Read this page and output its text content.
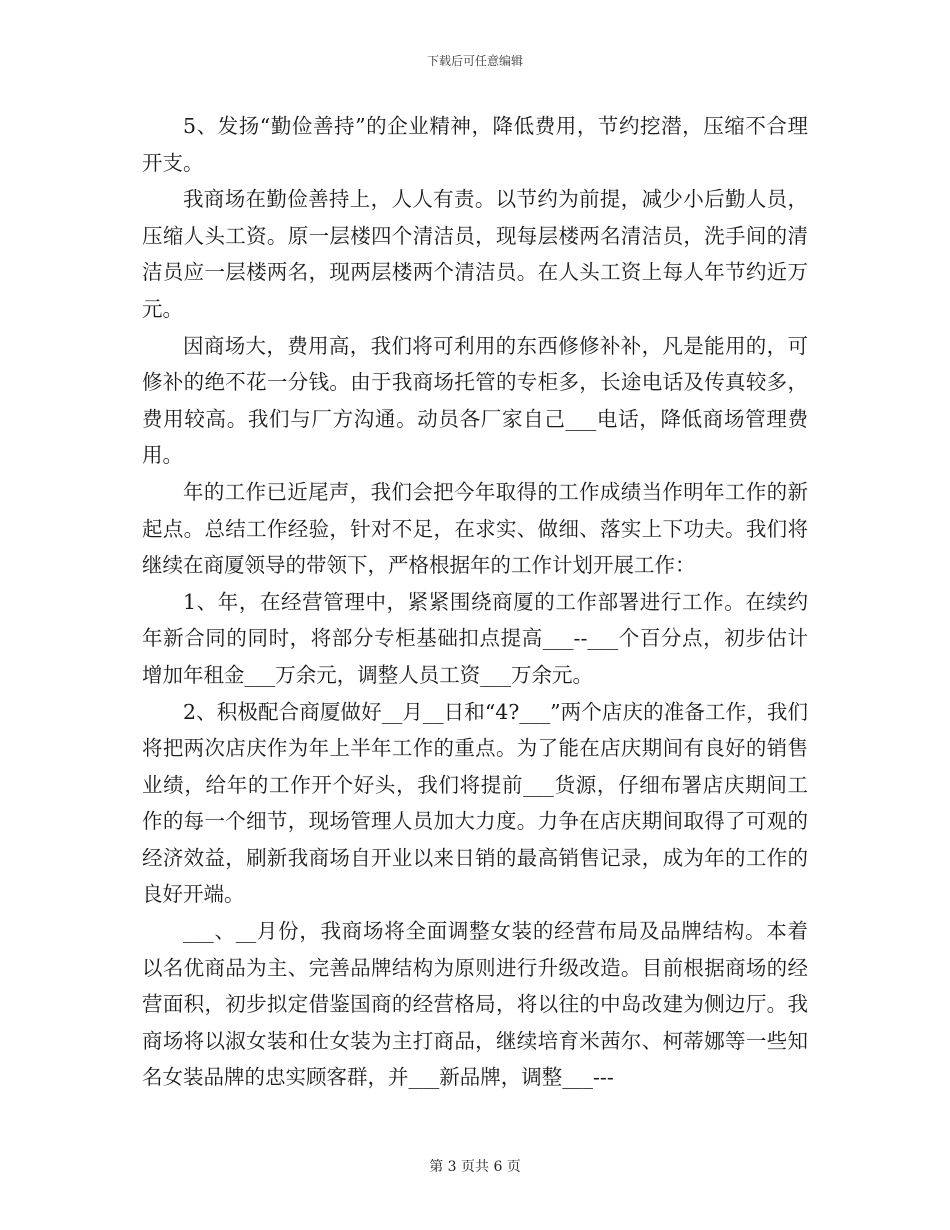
下载后可任意编辑

5、发扬“勤俭善持”的企业精神，降低费用，节约挖潜，压缩不合理开支。

我商场在勤俭善持上，人人有责。以节约为前提，减少小后勤人员，压缩人头工资。原一层楼四个清洁员，现每层楼两名清洁员，洗手间的清洁员应一层楼两名，现两层楼两个清洁员。在人头工资上每人年节约近万元。

因商场大，费用高，我们将可利用的东西修修补补，凡是能用的，可修补的绝不花一分钱。由于我商场托管的专柜多，长途电话及传真较多，费用较高。我们与厂方沟通。动员各厂家自己___电话，降低商场管理费用。

年的工作已近尾声，我们会把今年取得的工作成绩当作明年工作的新起点。总结工作经验，针对不足，在求实、做细、落实上下功夫。我们将继续在商厦领导的带领下，严格根据年的工作计划开展工作：

1、年，在经营管理中，紧紧围绕商厦的工作部署进行工作。在续约年新合同的同时，将部分专柜基础扣点提高___--___个百分点，初步估计增加年租金___万余元，调整人员工资___万余元。

2、积极配合商厦做好__月__日和“4?___”两个店庆的准备工作，我们将把两次店庆作为年上半年工作的重点。为了能在店庆期间有良好的销售业绩，给年的工作开个好头，我们将提前___货源，仔细布署店庆期间工作的每一个细节，现场管理人员加大力度。力争在店庆期间取得了可观的经济效益，刷新我商场自开业以来日销的最高销售记录，成为年的工作的良好开端。

___、__月份，我商场将全面调整女装的经营布局及品牌结构。本着以名优商品为主、完善品牌结构为原则进行升级改造。目前根据商场的经营面积，初步拟定借鉴国商的经营格局，将以往的中岛改建为侧边厅。我商场将以淑女装和仕女装为主打商品，继续培育米茜尔、柯蒂娜等一些知名女装品牌的忠实顾客群，并___新品牌，调整___---

第 3 页共 6 页
